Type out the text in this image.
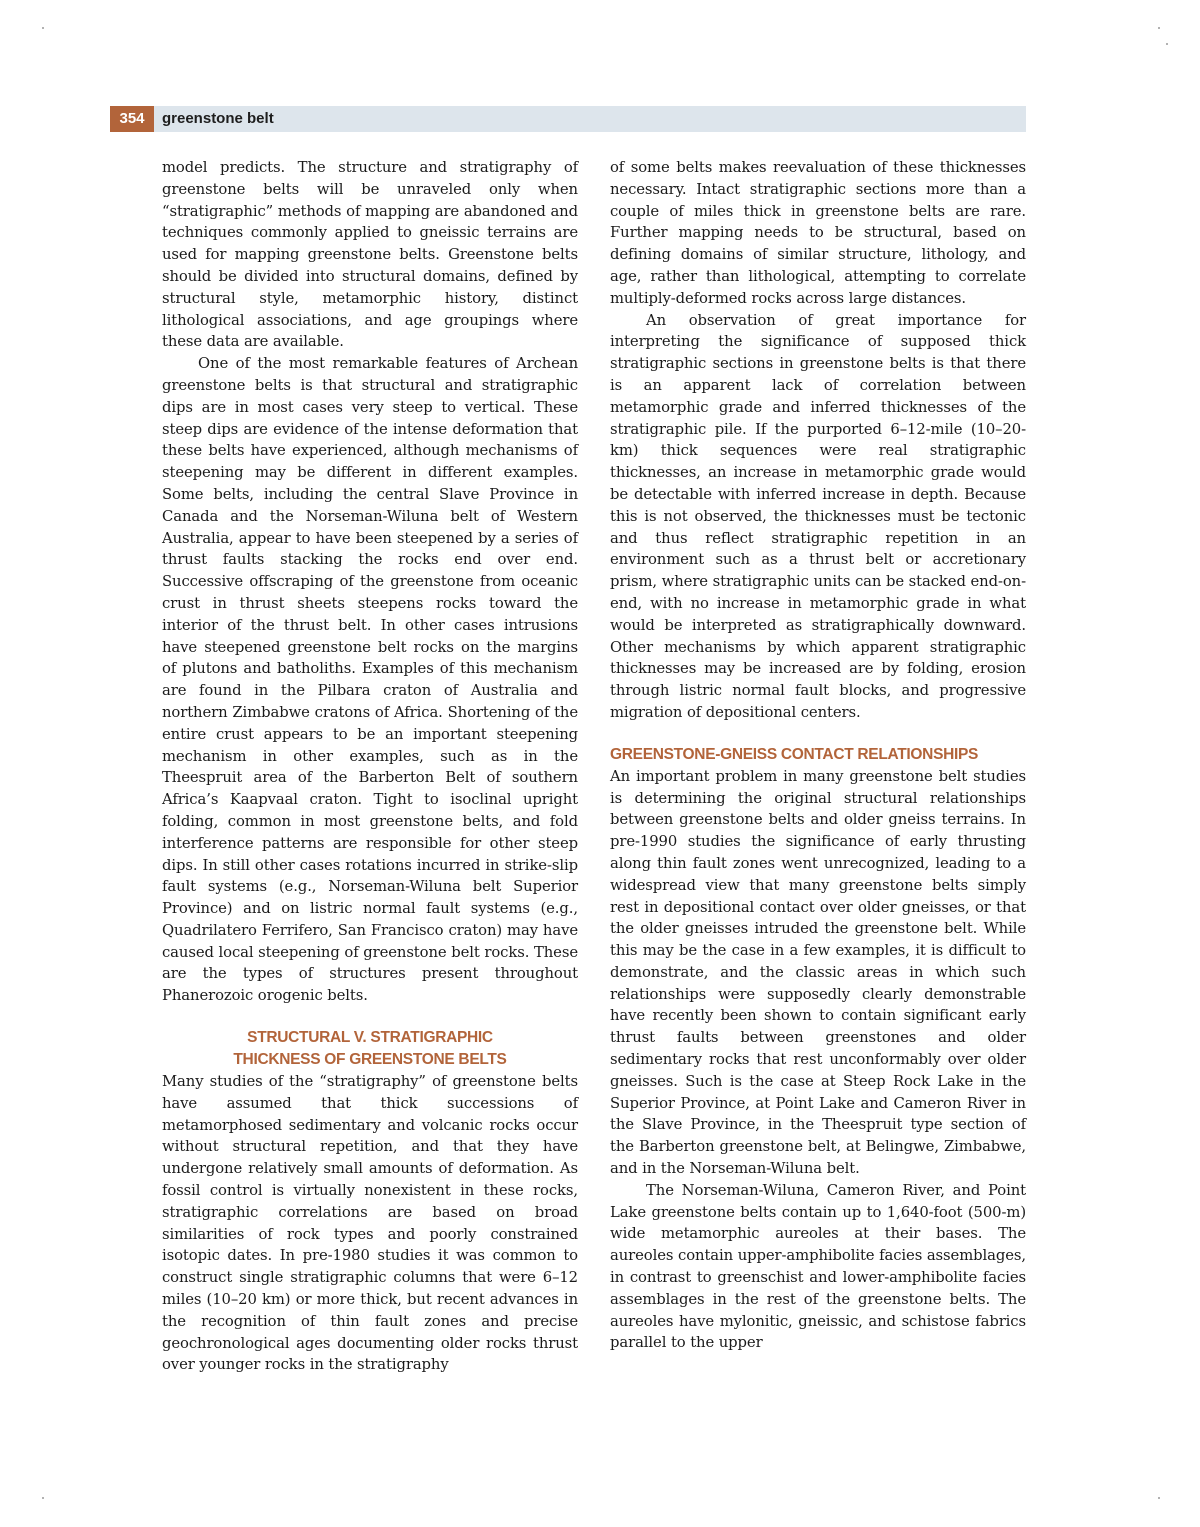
354	greenstone belt

model predicts. The structure and stratigraphy of greenstone belts will be unraveled only when “stratigraphic” methods of mapping are abandoned and techniques commonly applied to gneissic terrains are used for mapping greenstone belts. Greenstone belts should be divided into structural domains, defined by structural style, metamorphic history, distinct lithological associations, and age groupings where these data are available.

One of the most remarkable features of Archean greenstone belts is that structural and stratigraphic dips are in most cases very steep to vertical. These steep dips are evidence of the intense deformation that these belts have experienced, although mechanisms of steepening may be different in different examples. Some belts, including the central Slave Province in Canada and the Norseman-Wiluna belt of Western Australia, appear to have been steepened by a series of thrust faults stacking the rocks end over end. Successive offscraping of the greenstone from oceanic crust in thrust sheets steepens rocks toward the interior of the thrust belt. In other cases intrusions have steepened greenstone belt rocks on the margins of plutons and batholiths. Examples of this mechanism are found in the Pilbara craton of Australia and northern Zimbabwe cratons of Africa. Shortening of the entire crust appears to be an important steepening mechanism in other examples, such as in the Theespruit area of the Barberton Belt of southern Africa’s Kaapvaal craton. Tight to isoclinal upright folding, common in most greenstone belts, and fold interference patterns are responsible for other steep dips. In still other cases rotations incurred in strike-slip fault systems (e.g., Norseman-Wiluna belt Superior Province) and on listric normal fault systems (e.g., Quadrilatero Ferrifero, San Francisco craton) may have caused local steepening of greenstone belt rocks. These are the types of structures present throughout Phanerozoic orogenic belts.

STRUCTURAL V. STRATIGRAPHIC
THICKNESS OF GREENSTONE BELTS

Many studies of the “stratigraphy” of greenstone belts have assumed that thick successions of metamorphosed sedimentary and volcanic rocks occur without structural repetition, and that they have undergone relatively small amounts of deformation. As fossil control is virtually nonexistent in these rocks, stratigraphic correlations are based on broad similarities of rock types and poorly constrained isotopic dates. In pre-1980 studies it was common to construct single stratigraphic columns that were 6–12 miles (10–20 km) or more thick, but recent advances in the recognition of thin fault zones and precise geochronological ages documenting older rocks thrust over younger rocks in the stratigraphy

of some belts makes reevaluation of these thicknesses necessary. Intact stratigraphic sections more than a couple of miles thick in greenstone belts are rare. Further mapping needs to be structural, based on defining domains of similar structure, lithology, and age, rather than lithological, attempting to correlate multiply-deformed rocks across large distances.

An observation of great importance for interpreting the significance of supposed thick stratigraphic sections in greenstone belts is that there is an apparent lack of correlation between metamorphic grade and inferred thicknesses of the stratigraphic pile. If the purported 6–12-mile (10–20-km) thick sequences were real stratigraphic thicknesses, an increase in metamorphic grade would be detectable with inferred increase in depth. Because this is not observed, the thicknesses must be tectonic and thus reflect stratigraphic repetition in an environment such as a thrust belt or accretionary prism, where stratigraphic units can be stacked end-on-end, with no increase in metamorphic grade in what would be interpreted as stratigraphically downward. Other mechanisms by which apparent stratigraphic thicknesses may be increased are by folding, erosion through listric normal fault blocks, and progressive migration of depositional centers.

GREENSTONE-GNEISS CONTACT RELATIONSHIPS

An important problem in many greenstone belt studies is determining the original structural relationships between greenstone belts and older gneiss terrains. In pre-1990 studies the significance of early thrusting along thin fault zones went unrecognized, leading to a widespread view that many greenstone belts simply rest in depositional contact over older gneisses, or that the older gneisses intruded the greenstone belt. While this may be the case in a few examples, it is difficult to demonstrate, and the classic areas in which such relationships were supposedly clearly demonstrable have recently been shown to contain significant early thrust faults between greenstones and older sedimentary rocks that rest unconformably over older gneisses. Such is the case at Steep Rock Lake in the Superior Province, at Point Lake and Cameron River in the Slave Province, in the Theespruit type section of the Barberton greenstone belt, at Belingwe, Zimbabwe, and in the Norseman-Wiluna belt.

The Norseman-Wiluna, Cameron River, and Point Lake greenstone belts contain up to 1,640-foot (500-m) wide metamorphic aureoles at their bases. The aureoles contain upper-amphibolite facies assemblages, in contrast to greenschist and lower-amphibolite facies assemblages in the rest of the greenstone belts. The aureoles have mylonitic, gneissic, and schistose fabrics parallel to the upper
